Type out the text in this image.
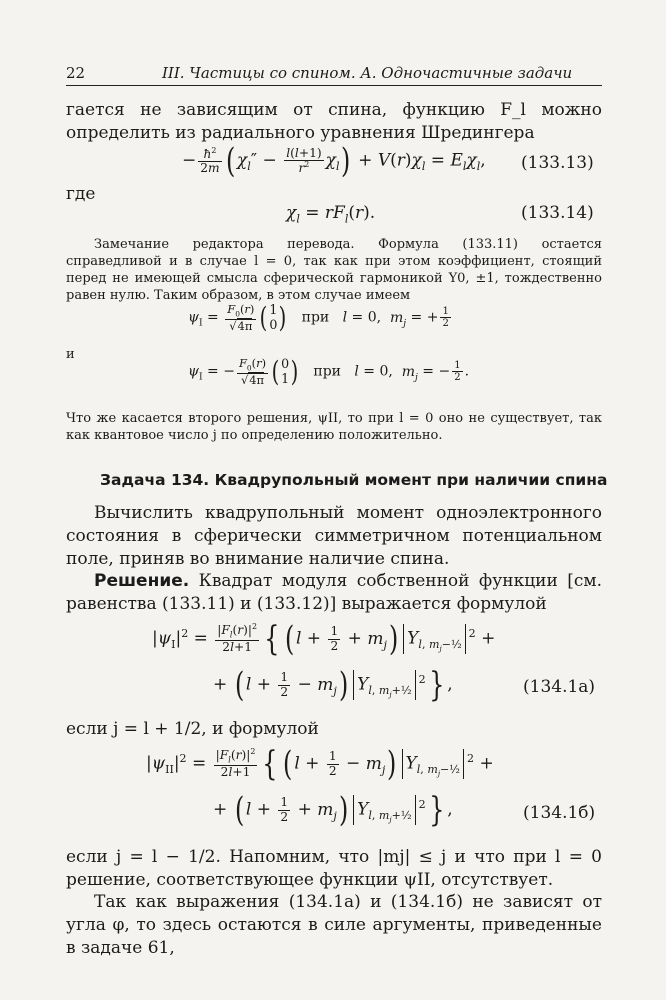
22	III. Частицы со спином. А. Одночастичные задачи
гается не зависящим от спина, функцию F_l можно определить из радиального уравнения Шредингера
− $\frac{ħ^2}{2m}$ ( $\chi_l'' - \frac{l(l+1)}{r^2} \chi_l) + V(r)\chi_l = E_l\chi_l$, (133.13)
где
$\chi_l = rF_l(r)$.	(133.14)
Замечание редактора перевода. Формула (133.11) остается справедливой и в случае l = 0, так как при этом коэффициент, стоящий перед не имеющей смысла сферической гармоникой Y0, ±1, тождественно равен нулю. Таким образом, в этом случае имеем
$\psi_I = \frac{F_0(r)}{√4\pi}$ ( 1
0)   при   l = 0,  $m_j$ = + $\frac{1}{2}$
и
$\psi_I$ = − $\frac{F_0(r)}{√4\pi}$ ( 0
1)   при   l = 0,  $m_j$ = − $\frac{1}{2}$ .
Что же касается второго решения, ψII, то при l = 0 оно не существует, так как квантовое число j по определению положительно.
Задача 134. Квадрупольный момент при наличии спина
Вычислить квадрупольный момент одноэлектронного состояния в сферически симметричном потенциальном поле, приняв во внимание наличие спина.
Решение. Квадрат модуля собственной функции [см. равенства (133.11) и (133.12)] выражается формулой
$|\psi_I|^2 = \frac{|F_l(r)|^2}{2l+1}$ { ( $l + \frac{1}{2} + m_j$) $Y_{l, m_j-\frac{1}{2}}^2$ +
+ ( $l + \frac{1}{2} - m_j$) $Y_{l, m_j+\frac{1}{2}}^2$} ,	(134.1a)
если j = l + 1/2, и формулой
$|\psi_{II}|^2 = \frac{|F_l(r)|^2}{2l+1}$ { ( $l + \frac{1}{2} - m_j$) $Y_{l, m_j-\frac{1}{2}}^2$ +
+ ( $l + \frac{1}{2} + m_j$) $Y_{l, m_j+\frac{1}{2}}^2$} ,	(134.1б)
если j = l − 1/2. Напомним, что |mj| ≤ j и что при l = 0 решение, соответствующее функции ψII, отсутствует.
Так как выражения (134.1a) и (134.1б) не зависят от угла φ, то здесь остаются в силе аргументы, приведенные в задаче 61,
